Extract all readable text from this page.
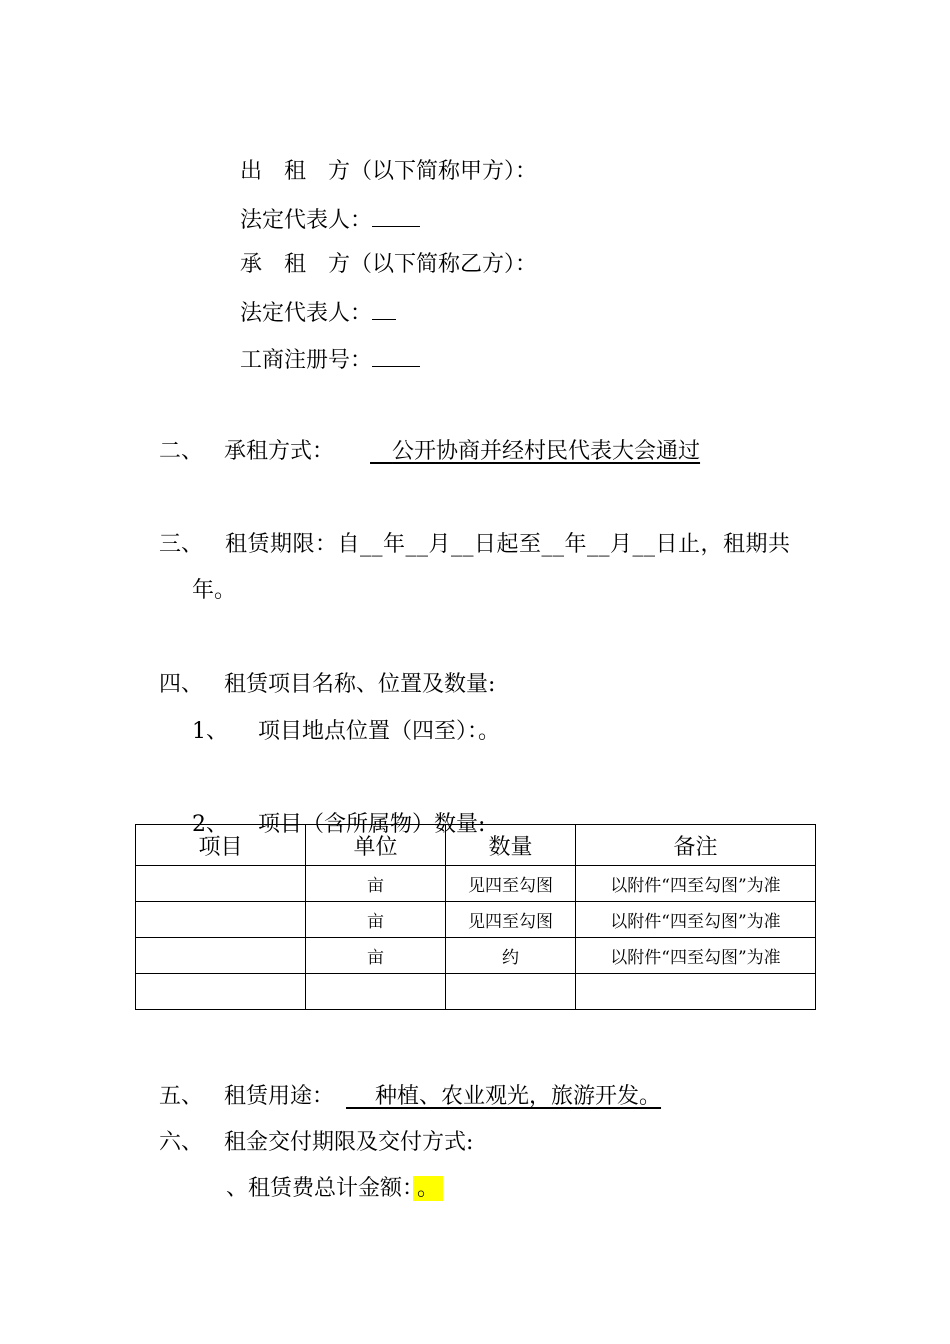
出　租　方（以下简称甲方）：

法定代表人：

承　租　方（以下简称乙方）：

法定代表人：

工商注册号：

二、 承租方式：　	公开协商并经村民代表大会通过

三、 租赁期限：自__年__月__日起至__年__月__日止，租期共

年。

四、 租赁项目名称、位置及数量:

1、	项目地点位置（四至）：。

2、	项目（含所属物）数量:

项目	单位	数量	备注
	亩	见四至勾图	以附件“四至勾图”为准
	亩	见四至勾图	以附件“四至勾图”为准
	亩	约	以附件“四至勾图”为准

五、 租赁用途：　 种植、农业观光，旅游开发。

六、 租金交付期限及交付方式:

、租赁费总计金额： 。
